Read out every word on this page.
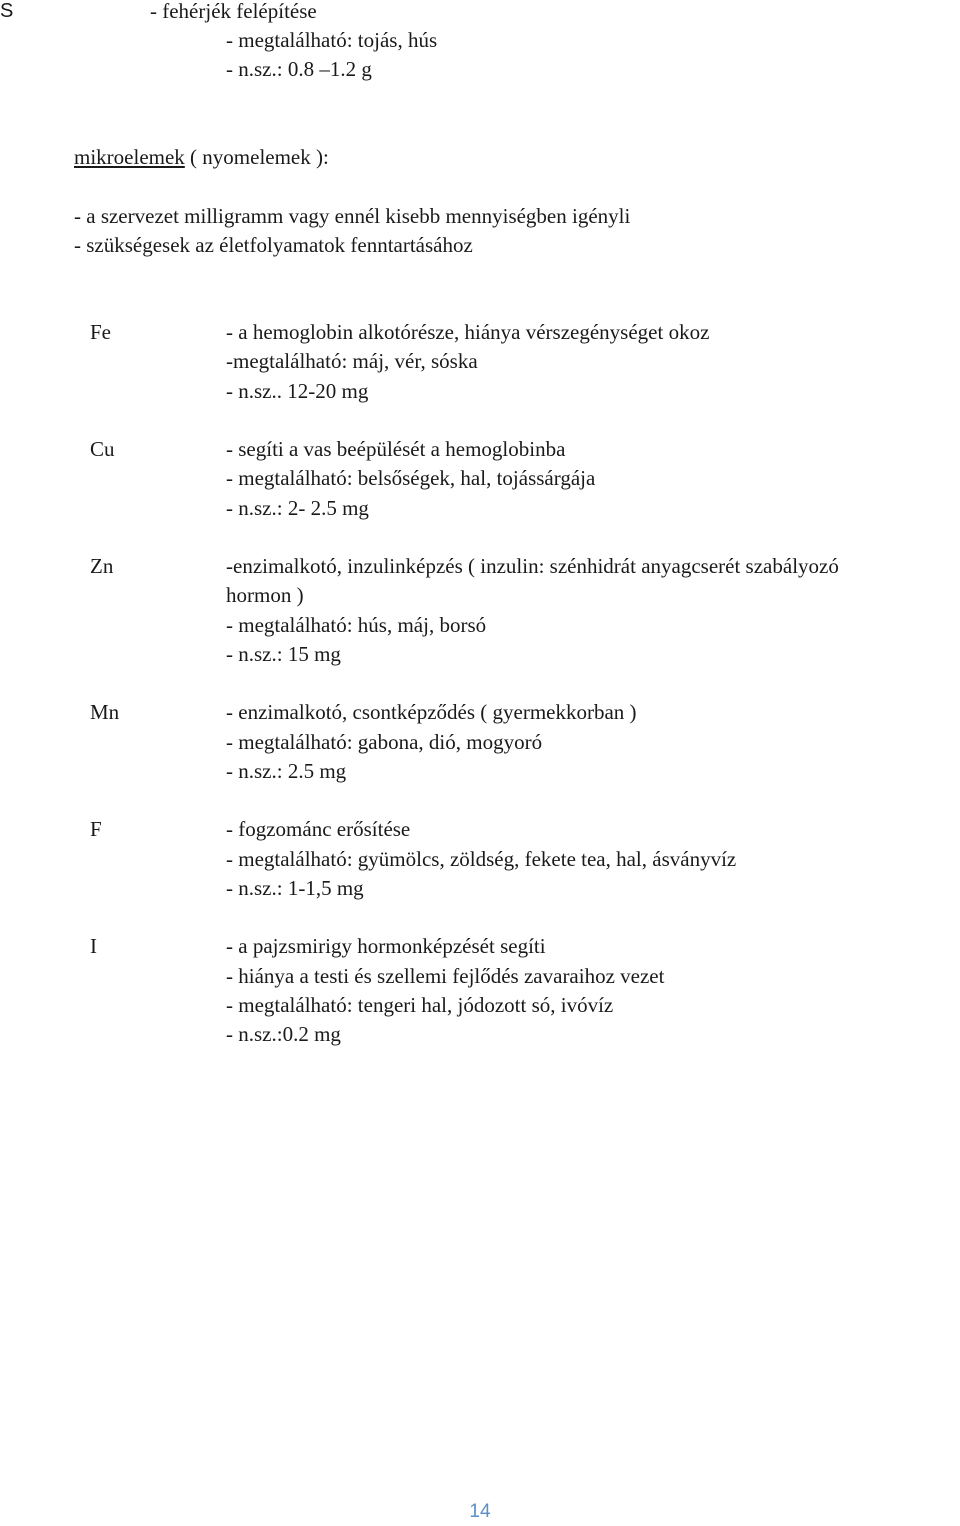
S	- fehérjék felépítése
- megtalálható: tojás, hús
- n.sz.: 0.8 –1.2 g
mikroelemek ( nyomelemek ):
- a szervezet milligramm vagy ennél kisebb mennyiségben igényli
- szükségesek az életfolyamatok fenntartásához
Fe	- a hemoglobin alkotórésze, hiánya vérszegénységet okoz
-megtalálható: máj, vér, sóska
- n.sz.. 12-20 mg
Cu	- segíti a vas beépülését a hemoglobinba
- megtalálható: belsőségek, hal, tojássárgája
- n.sz.: 2- 2.5 mg
Zn	-enzimalkotó, inzulinképzés ( inzulin: szénhidrát anyagcserét szabályozó
hormon )
- megtalálható: hús, máj, borsó
- n.sz.: 15 mg
Mn	- enzimalkotó, csontképződés ( gyermekkorban )
- megtalálható: gabona, dió, mogyoró
- n.sz.: 2.5 mg
F	- fogzománc erősítése
- megtalálható: gyümölcs, zöldség, fekete tea, hal, ásványvíz
- n.sz.: 1-1,5 mg
I	- a pajzsmirigy hormonképzését segíti
- hiánya a testi és szellemi fejlődés zavaraihoz vezet
- megtalálható: tengeri hal, jódozott só, ivóvíz
- n.sz.:0.2 mg
14
